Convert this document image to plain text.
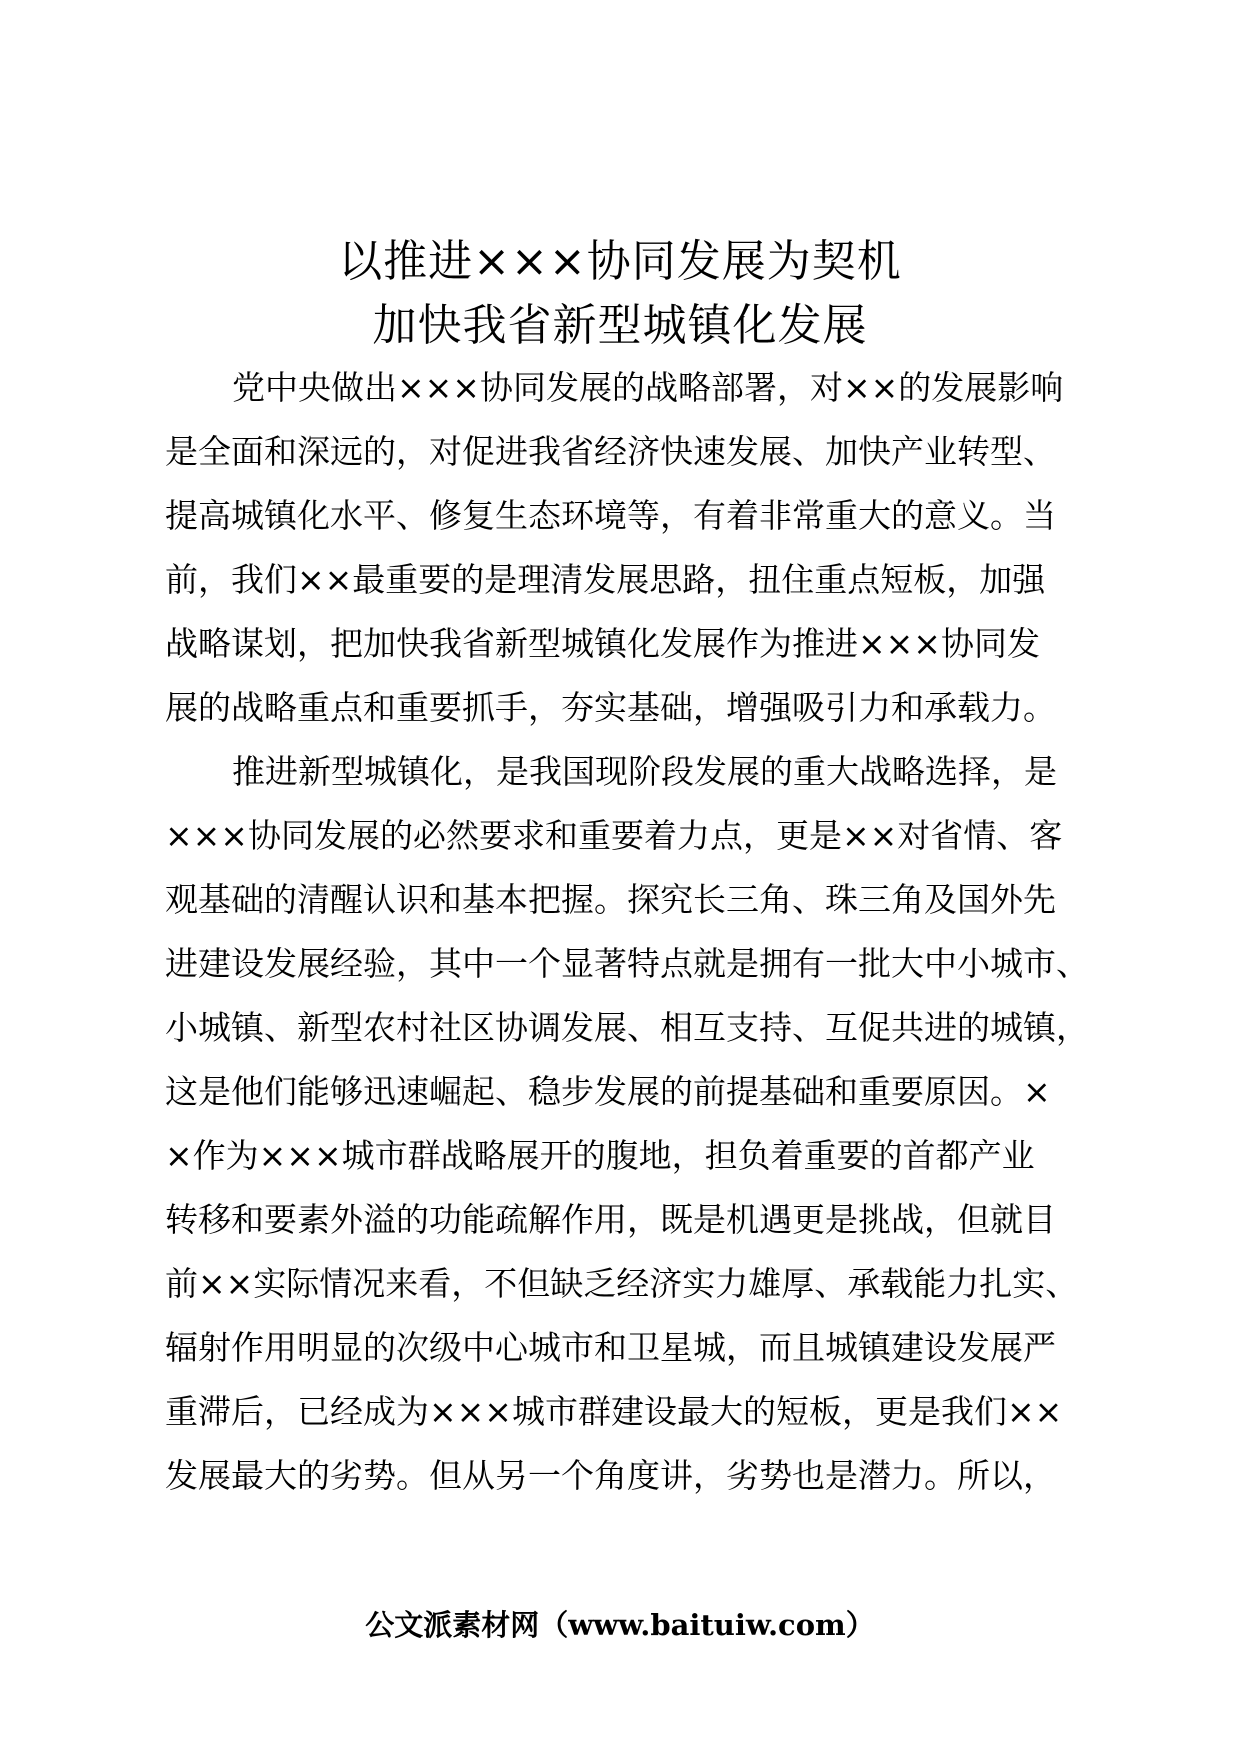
以推进×××协同发展为契机
加快我省新型城镇化发展

党中央做出×××协同发展的战略部署，对××的发展影响

是全面和深远的，对促进我省经济快速发展、加快产业转型、

提高城镇化水平、修复生态环境等，有着非常重大的意义。当

前，我们××最重要的是理清发展思路，扭住重点短板，加强

战略谋划，把加快我省新型城镇化发展作为推进×××协同发

展的战略重点和重要抓手，夯实基础，增强吸引力和承载力。

推进新型城镇化，是我国现阶段发展的重大战略选择，是

×××协同发展的必然要求和重要着力点，更是××对省情、客

观基础的清醒认识和基本把握。探究长三角、珠三角及国外先

进建设发展经验，其中一个显著特点就是拥有一批大中小城市、

小城镇、新型农村社区协调发展、相互支持、互促共进的城镇，

这是他们能够迅速崛起、稳步发展的前提基础和重要原因。×

×作为×××城市群战略展开的腹地，担负着重要的首都产业

转移和要素外溢的功能疏解作用，既是机遇更是挑战，但就目

前××实际情况来看，不但缺乏经济实力雄厚、承载能力扎实、

辐射作用明显的次级中心城市和卫星城，而且城镇建设发展严

重滞后，已经成为×××城市群建设最大的短板，更是我们××

发展最大的劣势。但从另一个角度讲，劣势也是潜力。所以，

公文派素材网（www.baituiw.com）
